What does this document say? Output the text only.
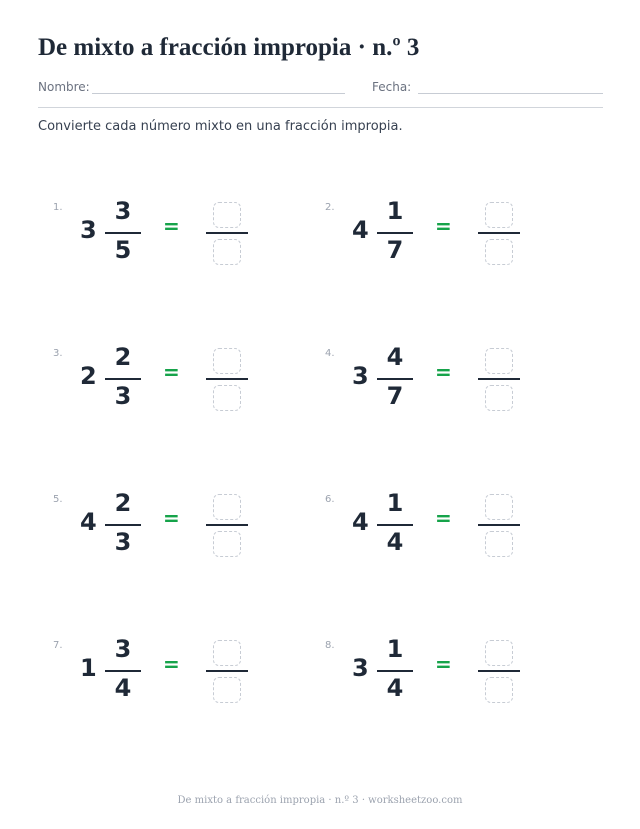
De mixto a fracción impropia · n.º 3
Nombre:	Fecha:
Convierte cada número mixto en una fracción impropia.
1.
3
3
5
=
2.
4
1
7
=
3.
2
2
3
=
4.
3
4
7
=
5.
4
2
3
=
6.
4
1
4
=
7.
1
3
4
=
8.
3
1
4
=
De mixto a fracción impropia · n.º 3 · worksheetzoo.com
